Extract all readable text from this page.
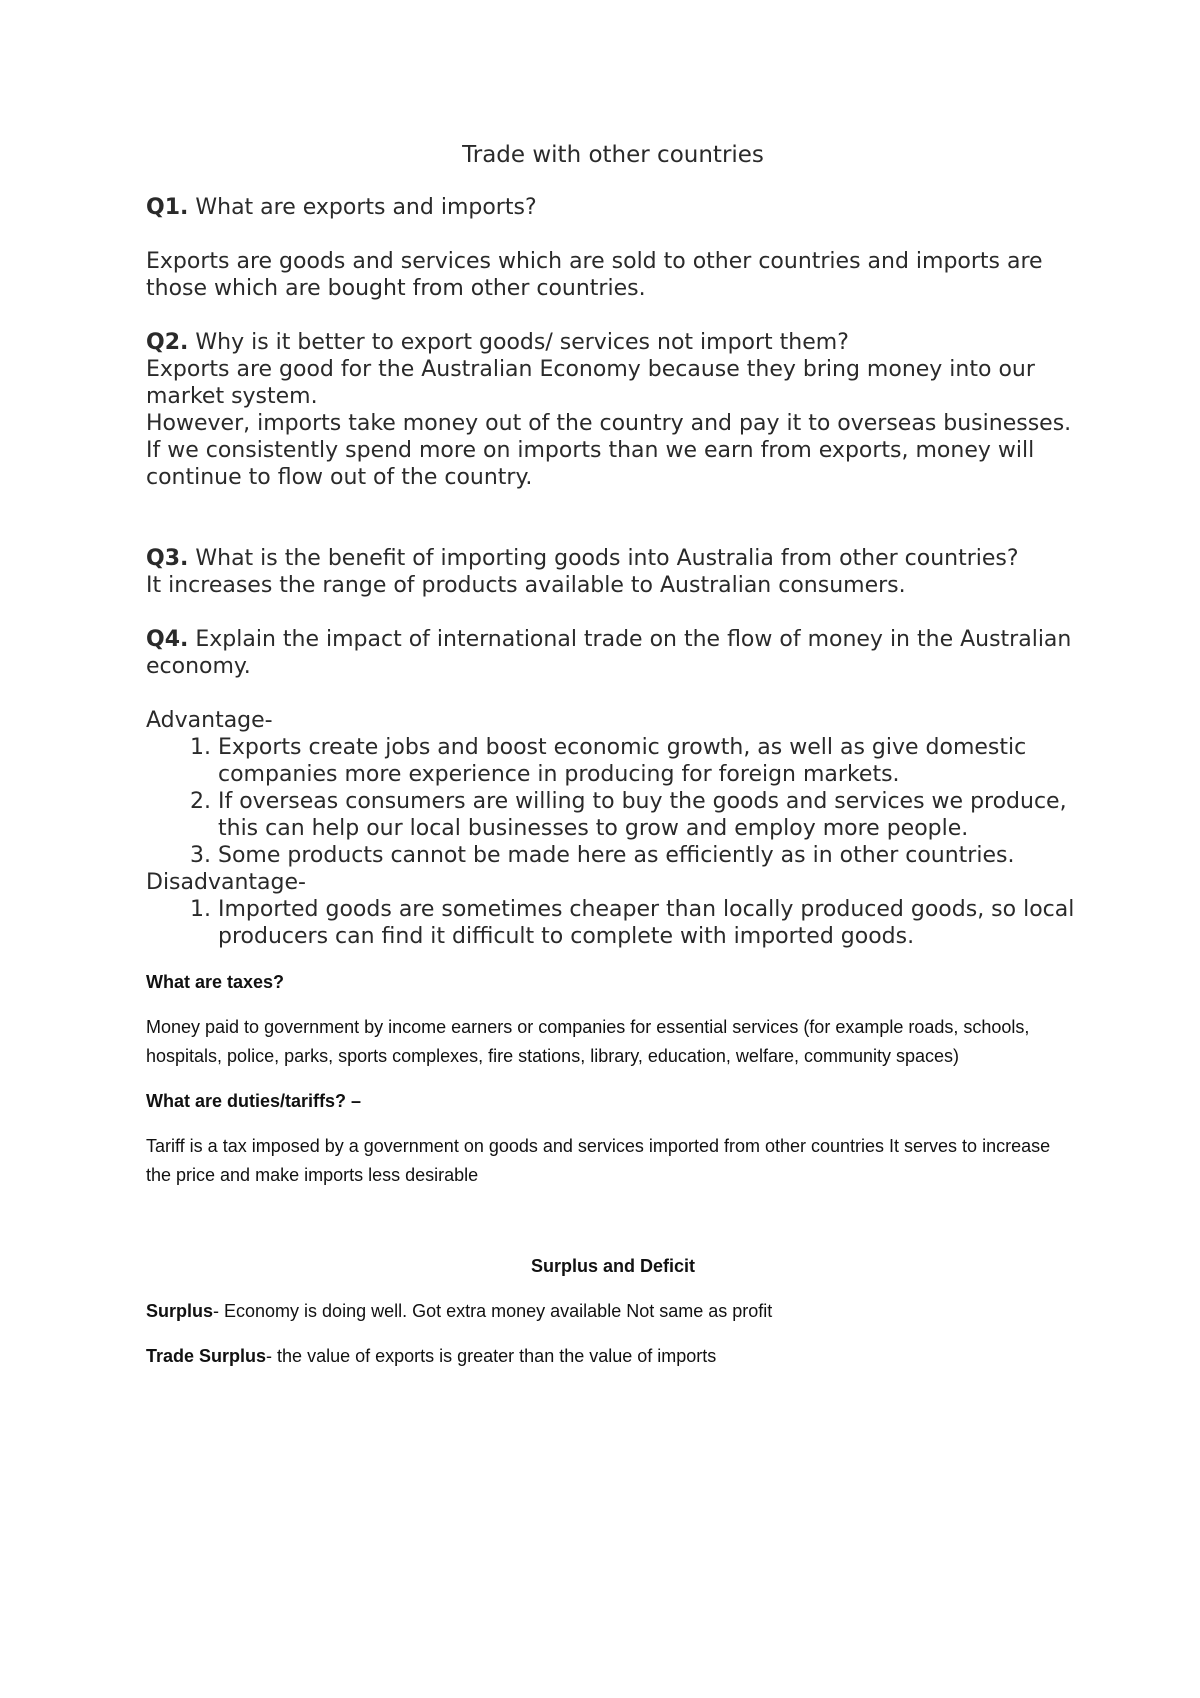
Trade with other countries

Q1. What are exports and imports?

Exports are goods and services which are sold to other countries and imports are those which are bought from other countries.

Q2. Why is it better to export goods/ services not import them?

Exports are good for the Australian Economy because they bring money into our market system.

However, imports take money out of the country and pay it to overseas businesses.

If we consistently spend more on imports than we earn from exports, money will continue to flow out of the country.

Q3. What is the benefit of importing goods into Australia from other countries?

It increases the range of products available to Australian consumers.

Q4. Explain the impact of international trade on the flow of money in the Australian economy.

Advantage-

1. Exports create jobs and boost economic growth, as well as give domestic companies more experience in producing for foreign markets.
2. If overseas consumers are willing to buy the goods and services we produce, this can help our local businesses to grow and employ more people.
3. Some products cannot be made here as efficiently as in other countries.

Disadvantage-

1. Imported goods are sometimes cheaper than locally produced goods, so local producers can find it difficult to complete with imported goods.

What are taxes?

Money paid to government by income earners or companies for essential services (for example roads, schools, hospitals, police, parks, sports complexes, fire stations, library, education, welfare, community spaces)

What are duties/tariffs? –

Tariff is a tax imposed by a government on goods and services imported from other countries It serves to increase the price and make imports less desirable

Surplus and Deficit

Surplus- Economy is doing well. Got extra money available Not same as profit

Trade Surplus- the value of exports is greater than the value of imports
